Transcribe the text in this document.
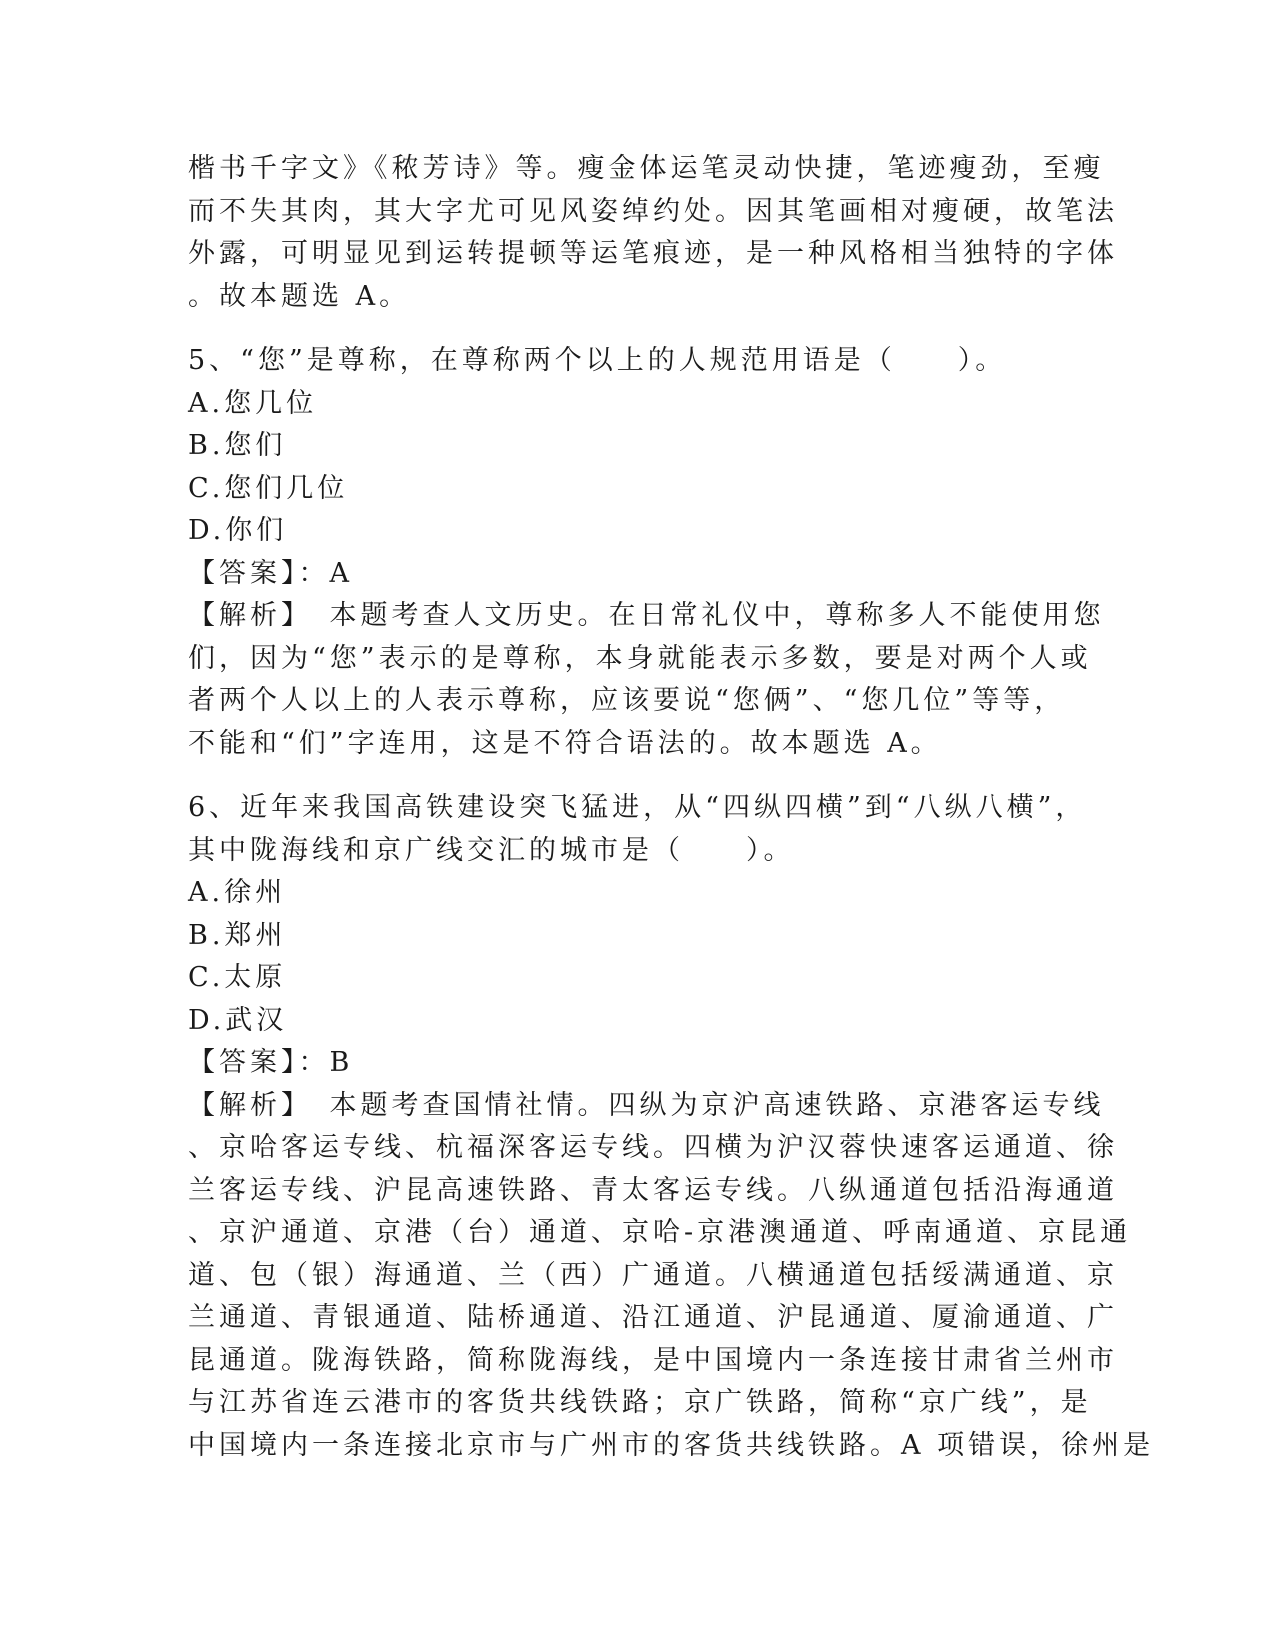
楷书千字文》《秾芳诗》等。瘦金体运笔灵动快捷，笔迹瘦劲，至瘦
而不失其肉，其大字尤可见风姿绰约处。因其笔画相对瘦硬，故笔法
外露，可明显见到运转提顿等运笔痕迹，是一种风格相当独特的字体
。故本题选 A。
5、“您”是尊称，在尊称两个以上的人规范用语是（　　）。
A.您几位
B.您们
C.您们几位
D.你们
【答案】：A
【解析】　本题考查人文历史。在日常礼仪中，尊称多人不能使用您
们，因为“您”表示的是尊称，本身就能表示多数，要是对两个人或
者两个人以上的人表示尊称，应该要说“您俩”、“您几位”等等，
不能和“们”字连用，这是不符合语法的。故本题选 A。
6、近年来我国高铁建设突飞猛进，从“四纵四横”到“八纵八横”，
其中陇海线和京广线交汇的城市是（　　）。
A.徐州
B.郑州
C.太原
D.武汉
【答案】：B
【解析】　本题考查国情社情。四纵为京沪高速铁路、京港客运专线
、京哈客运专线、杭福深客运专线。四横为沪汉蓉快速客运通道、徐
兰客运专线、沪昆高速铁路、青太客运专线。八纵通道包括沿海通道
、京沪通道、京港（台）通道、京哈-京港澳通道、呼南通道、京昆通
道、包（银）海通道、兰（西）广通道。八横通道包括绥满通道、京
兰通道、青银通道、陆桥通道、沿江通道、沪昆通道、厦渝通道、广
昆通道。陇海铁路，简称陇海线，是中国境内一条连接甘肃省兰州市
与江苏省连云港市的客货共线铁路；京广铁路，简称“京广线”，是
中国境内一条连接北京市与广州市的客货共线铁路。A 项错误，徐州是
